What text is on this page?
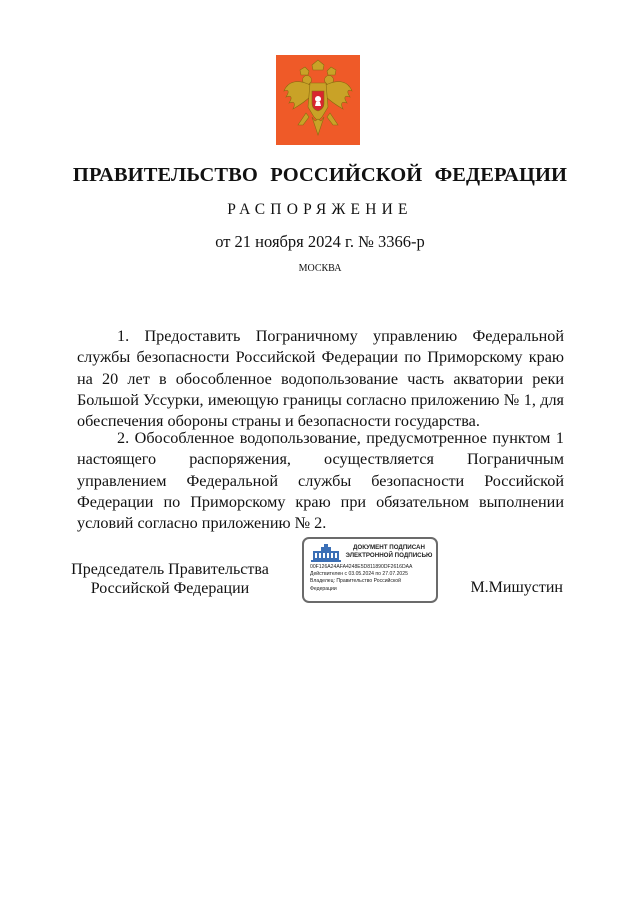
ПРАВИТЕЛЬСТВО РОССИЙСКОЙ ФЕДЕРАЦИИ
РАСПОРЯЖЕНИЕ
от 21 ноября 2024 г. № 3366-р
МОСКВА

1. Предоставить Пограничному управлению Федеральной службы безопасности Российской Федерации по Приморскому краю на 20 лет в обособленное водопользование часть акватории реки Большой Уссурки, имеющую границы согласно приложению № 1, для обеспечения обороны страны и безопасности государства.

2. Обособленное водопользование, предусмотренное пунктом 1 настоящего распоряжения, осуществляется Пограничным управлением Федеральной службы безопасности Российской Федерации по Приморскому краю при обязательном выполнении условий согласно приложению № 2.

Председатель Правительства
Российской Федерации
ДОКУМЕНТ ПОДПИСАН
ЭЛЕКТРОННОЙ ПОДПИСЬЮ
00F126A24AFA4248E5D811890DF2616DAA
Действителен с 03.05.2024 по 27.07.2025
Владелец: Правительство Российской
Федерации	М.Мишустин
